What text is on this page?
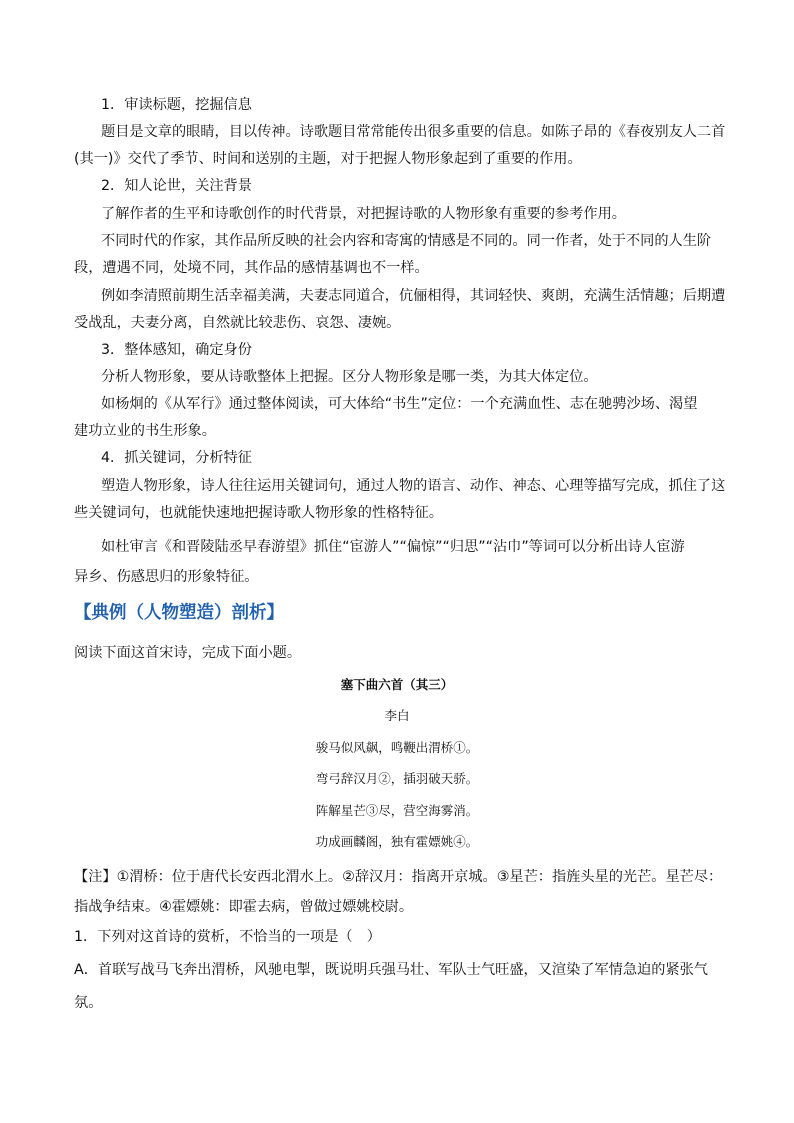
1．审读标题，挖掘信息
题目是文章的眼睛，目以传神。诗歌题目常常能传出很多重要的信息。如陈子昂的《春夜别友人二首
(其一)》交代了季节、时间和送别的主题，对于把握人物形象起到了重要的作用。
2．知人论世，关注背景
了解作者的生平和诗歌创作的时代背景，对把握诗歌的人物形象有重要的参考作用。
不同时代的作家，其作品所反映的社会内容和寄寓的情感是不同的。同一作者，处于不同的人生阶
段，遭遇不同，处境不同，其作品的感情基调也不一样。
例如李清照前期生活幸福美满，夫妻志同道合，伉俪相得，其词轻快、爽朗，充满生活情趣；后期遭
受战乱，夫妻分离，自然就比较悲伤、哀怨、凄婉。
3．整体感知，确定身份
分析人物形象，要从诗歌整体上把握。区分人物形象是哪一类，为其大体定位。
如杨炯的《从军行》通过整体阅读，可大体给“书生”定位：一个充满血性、志在驰骋沙场、渴望
建功立业的书生形象。
4．抓关键词，分析特征
塑造人物形象，诗人往往运用关键词句，通过人物的语言、动作、神态、心理等描写完成，抓住了这
些关键词句，也就能快速地把握诗歌人物形象的性格特征。
如杜审言《和晋陵陆丞早春游望》抓住“宦游人”“偏惊”“归思”“沾巾”等词可以分析出诗人宦游
异乡、伤感思归的形象特征。
【典例（人物塑造）剖析】
阅读下面这首宋诗，完成下面小题。
塞下曲六首（其三）
李白
骏马似风飙，鸣鞭出渭桥①。
弯弓辞汉月②，插羽破天骄。
阵解星芒③尽，营空海雾消。
功成画麟阁，独有霍嫖姚④。
【注】①渭桥：位于唐代长安西北渭水上。②辞汉月：指离开京城。③星芒：指旌头星的光芒。星芒尽：
指战争结束。④霍嫖姚：即霍去病，曾做过嫖姚校尉。
1．下列对这首诗的赏析，不恰当的一项是（　）
A．首联写战马飞奔出渭桥，风驰电掣，既说明兵强马壮、军队士气旺盛，又渲染了军情急迫的紧张气
氛。
